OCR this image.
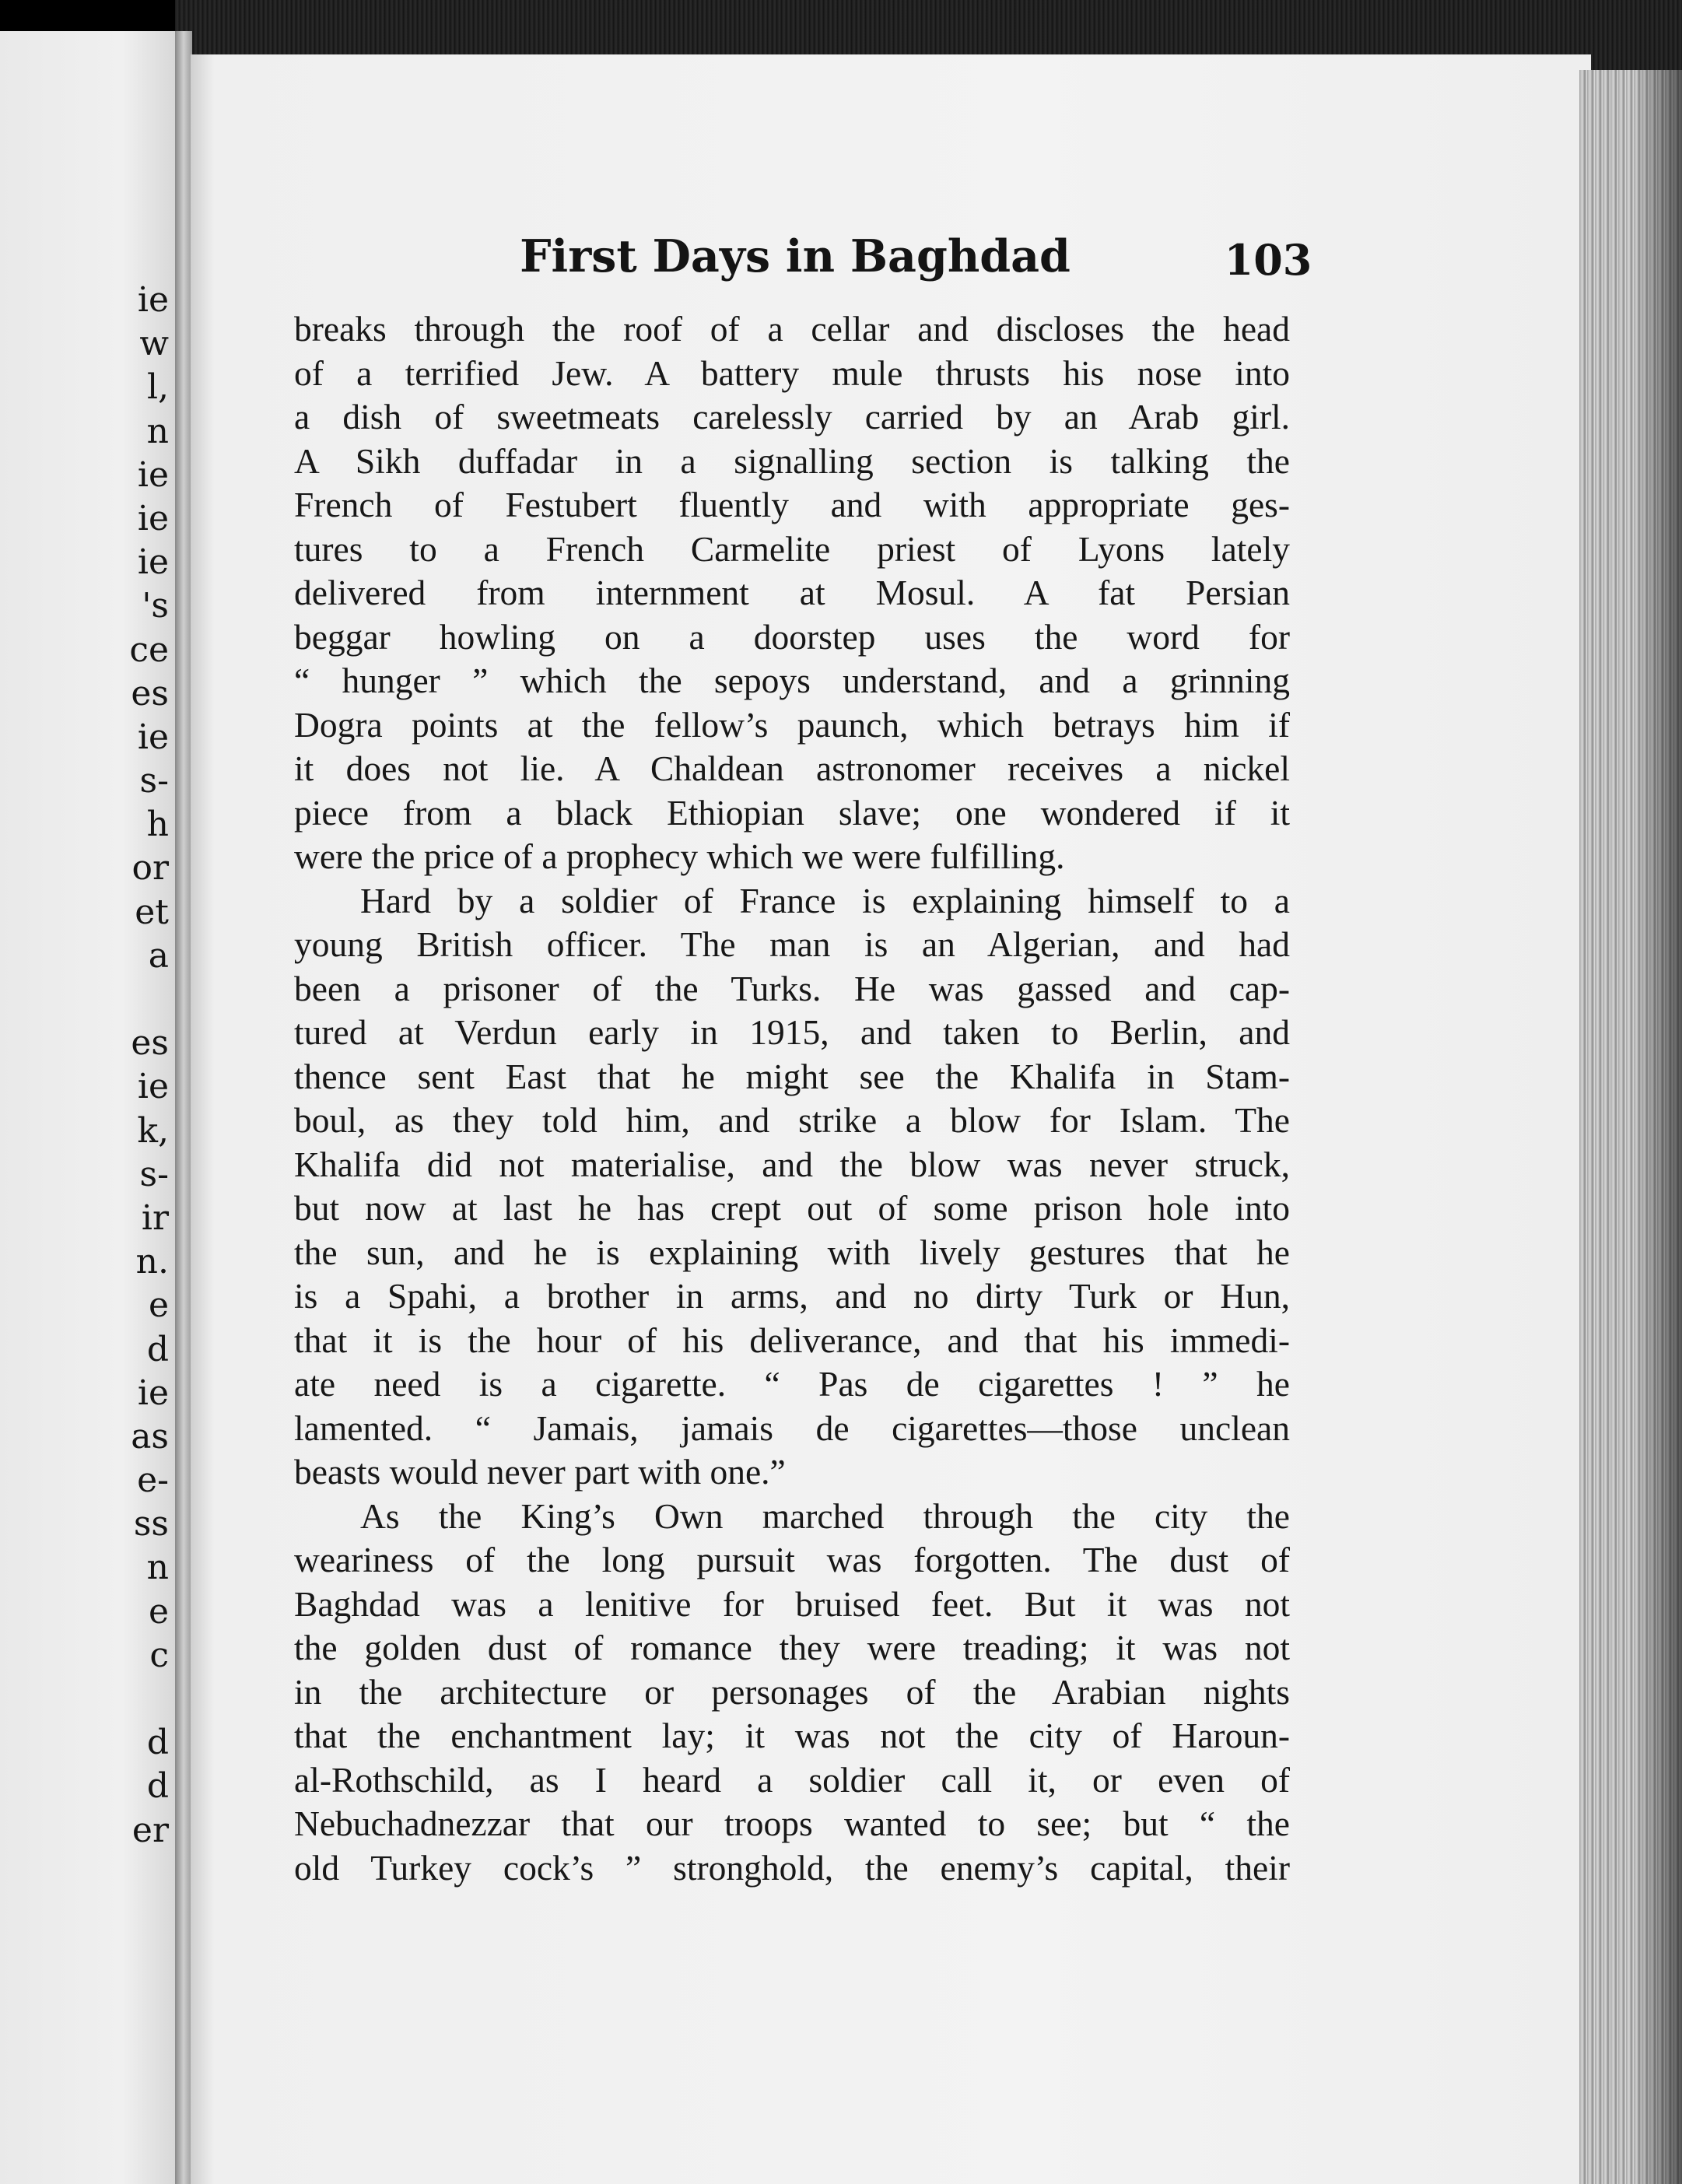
ie
w
l,
n
ie
ie
ie
's
ce
es
ie
s-
h
or
et
a
es
ie
k,
s-
ir
n.
e
d
ie
as
e-
ss
n
e
c
d
d
er
First Days in Baghdad	103
breaks through the roof of a cellar and discloses the head
of a terrified Jew. A battery mule thrusts his nose into
a dish of sweetmeats carelessly carried by an Arab girl.
A Sikh duffadar in a signalling section is talking the
French of Festubert fluently and with appropriate ges-
tures to a French Carmelite priest of Lyons lately
delivered from internment at Mosul. A fat Persian
beggar howling on a doorstep uses the word for
“ hunger ” which the sepoys understand, and a grinning
Dogra points at the fellow’s paunch, which betrays him if
it does not lie. A Chaldean astronomer receives a nickel
piece from a black Ethiopian slave; one wondered if it
were the price of a prophecy which we were fulfilling.
Hard by a soldier of France is explaining himself to a
young British officer. The man is an Algerian, and had
been a prisoner of the Turks. He was gassed and cap-
tured at Verdun early in 1915, and taken to Berlin, and
thence sent East that he might see the Khalifa in Stam-
boul, as they told him, and strike a blow for Islam. The
Khalifa did not materialise, and the blow was never struck,
but now at last he has crept out of some prison hole into
the sun, and he is explaining with lively gestures that he
is a Spahi, a brother in arms, and no dirty Turk or Hun,
that it is the hour of his deliverance, and that his immedi-
ate need is a cigarette. “ Pas de cigarettes ! ” he
lamented. “ Jamais, jamais de cigarettes—those unclean
beasts would never part with one.”
As the King’s Own marched through the city the
weariness of the long pursuit was forgotten. The dust of
Baghdad was a lenitive for bruised feet. But it was not
the golden dust of romance they were treading; it was not
in the architecture or personages of the Arabian nights
that the enchantment lay; it was not the city of Haroun-
al-Rothschild, as I heard a soldier call it, or even of
Nebuchadnezzar that our troops wanted to see; but “ the
old Turkey cock’s ” stronghold, the enemy’s capital, their
